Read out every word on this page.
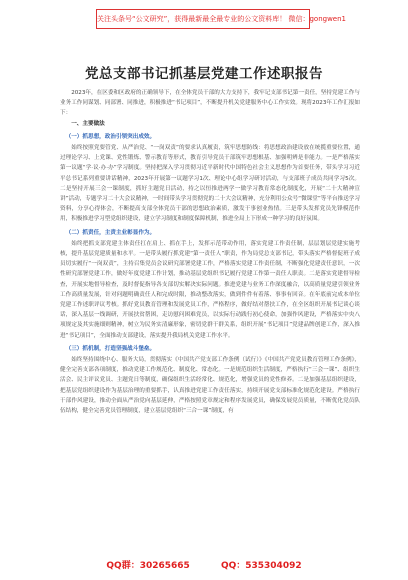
关注头条号“公文研究”，获得最新最全最专业的公文资料库！ 微信：gongwen1
党总支部书记抓基层党建工作述职报告

2023年，在区委和区政府的正确领导下，在全体党员干部的大力支持下，我牢记支部书记第一责任，坚持党建工作与业务工作同谋划、同部署、同推进，积极推进“书记项目”，不断提升机关党建服务中心工作实效。现将2023年工作汇报如下：

一、主要做法

（一）抓思想，政治引领突出成效。

始终按照党要管党、从严治党、“一岗双责”的要求认真履责，筑牢思想防线：将思想政治建设放在统揽重要位置，通过理论学习、上党课、党性锻炼、警示教育等形式，教育引导党员干部筑牢思想根基、加强明辨是非能力。一是严格落实第一议题“学·议·办·办”学习制度。坚持把深入学习贯彻习近平新时代中国特色社会主义思想作为首要任务，带头学习习近平总书记系列重要讲话精神，2023年开展第一议题学习1次、理论中心组学习研讨活动，与支部班子成员共同学习5次。二是坚持开展三会一课制度，抓好主题党日活动，持之以恒推进两学一做学习教育常态化制度化，开展“二十大精神宣讲”活动，专题学习二十大会议精神，一时间带头学习贯彻党的二十大会议精神，充分利用公众号“微课堂”等平台推送学习资料，分享心得体会，不断提高支部全体党员干部的思想政治素质，激发干事创业热情。三是带头发挥党员先锋模范作用，积极推进学习型党组织建设，建立学习制度和制度保障机制，推进全局上下形成一种学习的良好氛围。

（二）抓责任，主责主业彰显作为。

始终把抓支部党建主体责任扛在肩上、抓在手上，发挥示范带动作用，落实党建工作责任制，层层划层党建实施考核，提升基层党建质量和水平。一是带头履行抓党建“第一责任人”职责，作为局党总支部书记，带头落实严格督促班子成员切实履行“一岗双责”，主持召集党员会议研究部署党建工作，严格落实党建工作责任制，不断强化党建责任意识，一次性研究部署党建工作，做好年度党建工作计划，推动基层党组织书记履行党建工作第一责任人职责。二是落实党建督导检查，开展实地督导检查，及时督促指导各支部切实解决实际问题。推进党建与业务工作深度融合，以高质量党建引领业务工作高质量发展，针对问题明确责任人和完成时限，推动整改落实，做到件件有着落、事事有回音。在年底前完成本单位党建工作述职评议考核。抓好党员教育管理和发展党员工作，严格程序，做好结对帮扶工作，在全区组织开展书记谈心谈话，深入基层一线调研，开展扶贫帮困，走访慰问困难党员，以实际行动践行初心使命，加强作风建设，严格落实中央八项规定及其实施细则精神，树立为民务实清廉形象，密切党群干群关系，组织开展“书记项目”党建品牌创建工作，深入推进“书记项目”，全面推动支部建设，落实提升我局机关党建工作水平。

（三）抓机制，打造坚强战斗堡垒。

始终坚持围绕中心、服务大局，贯彻落实《中国共产党支部工作条例（试行）》《中国共产党党员教育管理工作条例》，健全完善支部各项制度，推动党建工作规范化、制度化、常态化。一是规范组织生活制度，严格执行“三会一课”、组织生活会、民主评议党员、主题党日等制度，确保组织生活经常化、规范化，增强党员的党性修养。二是加强基层组织建设，把基层党组织建设作为基层治理的重要抓手，认真推进党建工作责任落实，持续开展党支部标准化规范化建设。严格执行干部作风建设，推动全面从严治党向基层延伸，严格按照党章规定和程序发展党员，确保发展党员质量，不断优化党员队伍结构，健全完善党员管理制度，建立基层党组织“三合一课”制度，有

QQ群：30265665	QQ：535304092
